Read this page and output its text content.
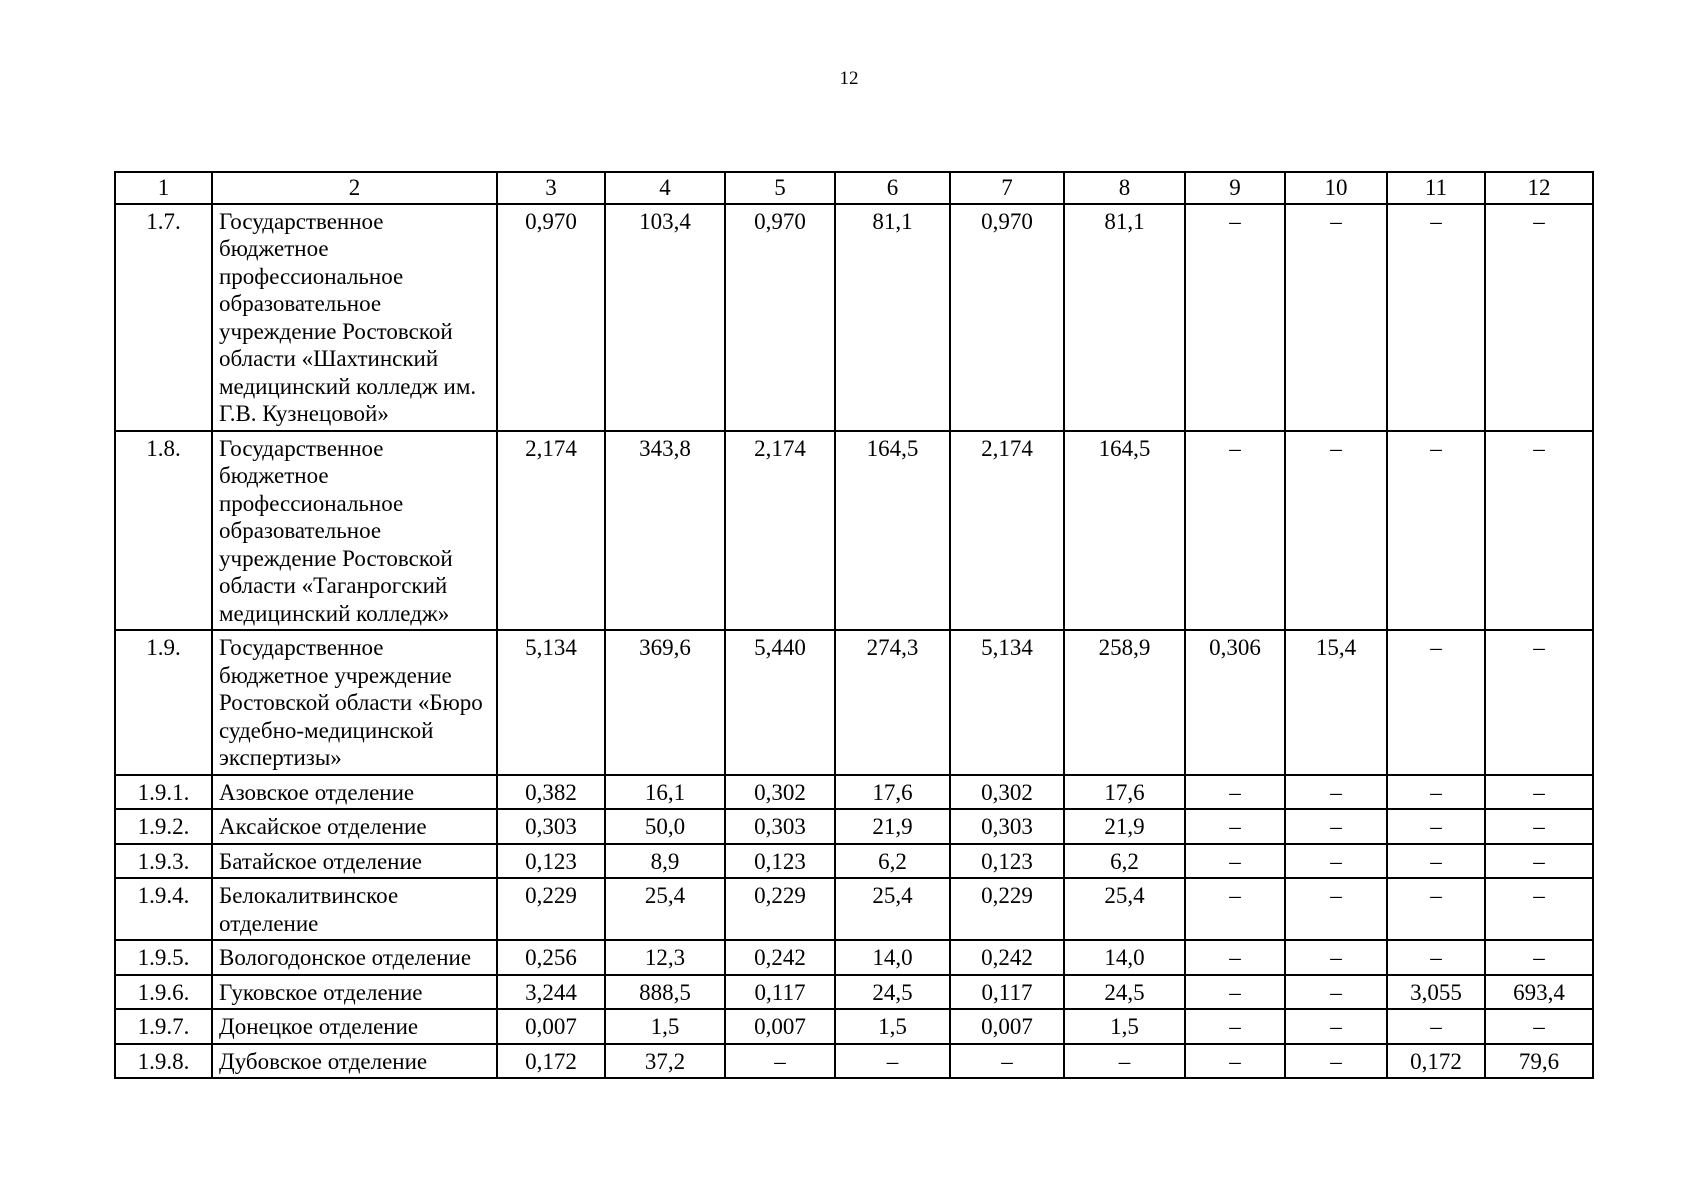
12
1	2	3	4	5	6	7	8	9	10	11	12
1.7.	Государственное бюджетное профессиональное образовательное учреждение Ростовской области «Шахтинский медицинский колледж им. Г.В. Кузнецовой»	0,970	103,4	0,970	81,1	0,970	81,1	–	–	–	–
1.8.	Государственное бюджетное профессиональное образовательное учреждение Ростовской области «Таганрогский медицинский колледж»	2,174	343,8	2,174	164,5	2,174	164,5	–	–	–	–
1.9.	Государственное бюджетное учреждение Ростовской области «Бюро судебно-медицинской экспертизы»	5,134	369,6	5,440	274,3	5,134	258,9	0,306	15,4	–	–
1.9.1.	Азовское отделение	0,382	16,1	0,302	17,6	0,302	17,6	–	–	–	–
1.9.2.	Аксайское отделение	0,303	50,0	0,303	21,9	0,303	21,9	–	–	–	–
1.9.3.	Батайское отделение	0,123	8,9	0,123	6,2	0,123	6,2	–	–	–	–
1.9.4.	Белокалитвинское отделение	0,229	25,4	0,229	25,4	0,229	25,4	–	–	–	–
1.9.5.	Вологодонское отделение	0,256	12,3	0,242	14,0	0,242	14,0	–	–	–	–
1.9.6.	Гуковское отделение	3,244	888,5	0,117	24,5	0,117	24,5	–	–	3,055	693,4
1.9.7.	Донецкое отделение	0,007	1,5	0,007	1,5	0,007	1,5	–	–	–	–
1.9.8.	Дубовское отделение	0,172	37,2	–	–	–	–	–	–	0,172	79,6
